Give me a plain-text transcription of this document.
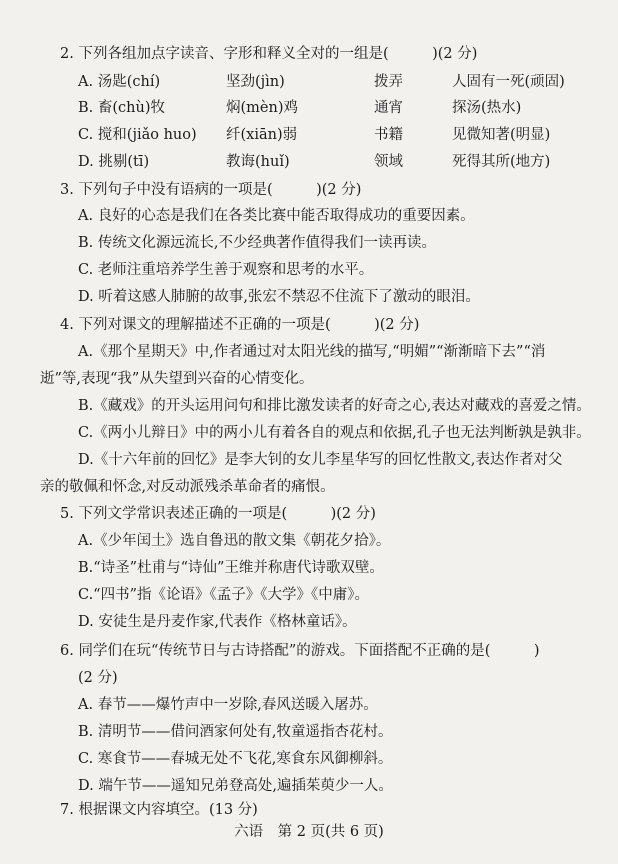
2. 下列各组加点字读音、字形和释义全对的一组是(　　　)(2 分)
A. 汤匙(chí)	坚劲(jìn)	拨弄	人固有一死(顽固)
B. 畜(chù)牧	焖(mèn)鸡	通宵	探汤(热水)
C. 搅和(jiǎo huo)	纤(xiān)弱	书籍	见微知著(明显)
D. 挑剔(tī)	教诲(huǐ)	领域	死得其所(地方)
3. 下列句子中没有语病的一项是(　　　)(2 分)
A. 良好的心态是我们在各类比赛中能否取得成功的重要因素。
B. 传统文化源远流长,不少经典著作值得我们一读再读。
C. 老师注重培养学生善于观察和思考的水平。
D. 听着这感人肺腑的故事,张宏不禁忍不住流下了激动的眼泪。
4. 下列对课文的理解描述不正确的一项是(　　　)(2 分)
A.《那个星期天》中,作者通过对太阳光线的描写,“明媚”“渐渐暗下去”“消
逝”等,表现“我”从失望到兴奋的心情变化。
B.《藏戏》的开头运用问句和排比激发读者的好奇之心,表达对藏戏的喜爱之情。
C.《两小儿辩日》中的两小儿有着各自的观点和依据,孔子也无法判断孰是孰非。
D.《十六年前的回忆》是李大钊的女儿李星华写的回忆性散文,表达作者对父
亲的敬佩和怀念,对反动派残杀革命者的痛恨。
5. 下列文学常识表述正确的一项是(　　　)(2 分)
A.《少年闰土》选自鲁迅的散文集《朝花夕拾》。
B.“诗圣”杜甫与“诗仙”王维并称唐代诗歌双壁。
C.“四书”指《论语》《孟子》《大学》《中庸》。
D. 安徒生是丹麦作家,代表作《格林童话》。
6. 同学们在玩“传统节日与古诗搭配”的游戏。下面搭配不正确的是(　　　)
(2 分)
A. 春节——爆竹声中一岁除,春风送暖入屠苏。
B. 清明节——借问酒家何处有,牧童遥指杏花村。
C. 寒食节——春城无处不飞花,寒食东风御柳斜。
D. 端午节——遥知兄弟登高处,遍插茱萸少一人。
7. 根据课文内容填空。(13 分)
六语　第 2 页(共 6 页)
